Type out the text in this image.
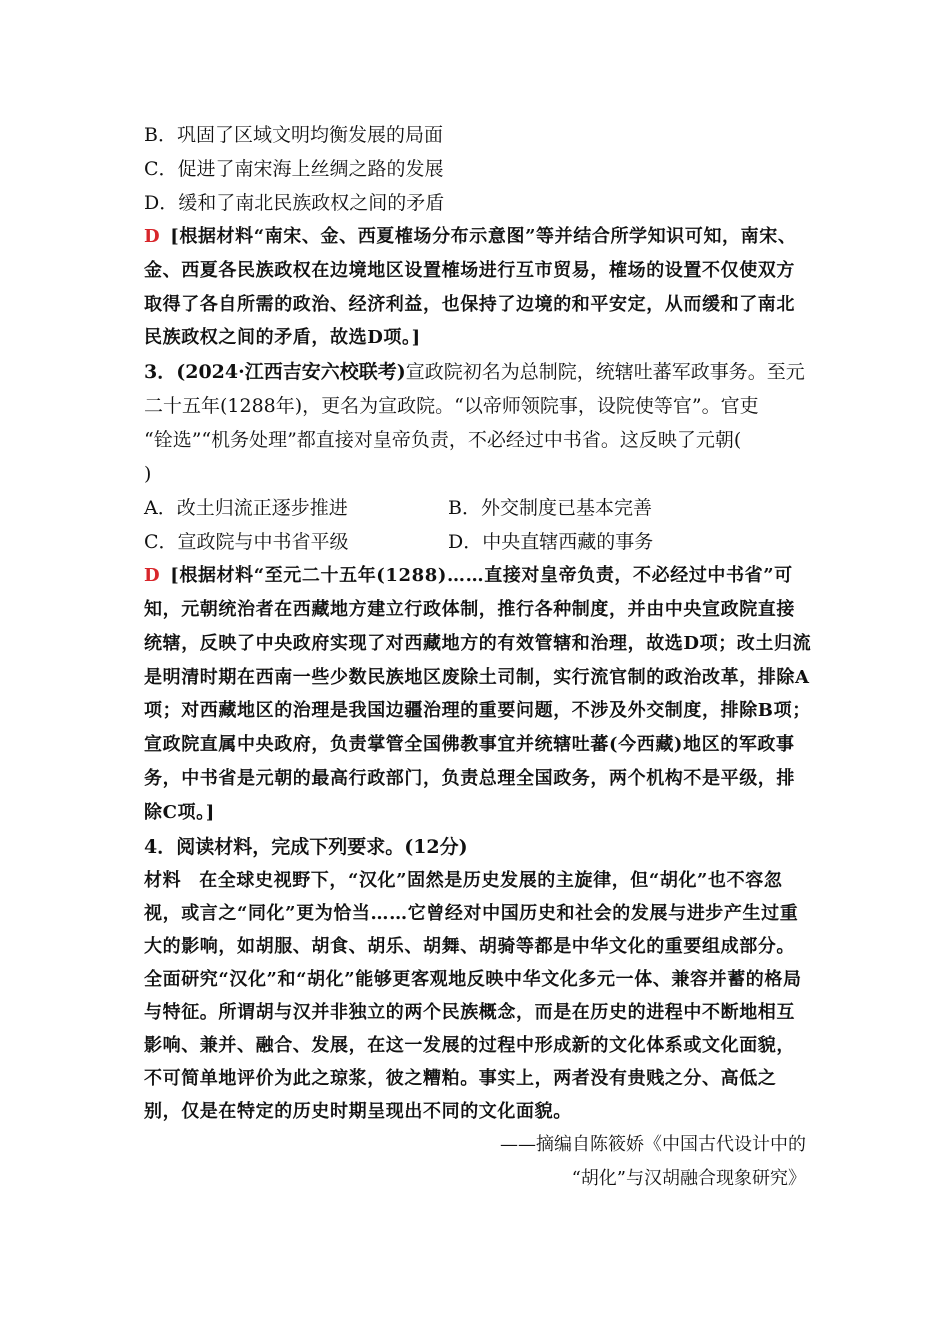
B．巩固了区域文明均衡发展的局面
C．促进了南宋海上丝绸之路的发展
D．缓和了南北民族政权之间的矛盾
D [根据材料“南宋、金、西夏榷场分布示意图”等并结合所学知识可知，南宋、金、西夏各民族政权在边境地区设置榷场进行互市贸易，榷场的设置不仅使双方取得了各自所需的政治、经济利益，也保持了边境的和平安定，从而缓和了南北民族政权之间的矛盾，故选D项。]
3．(2024·江西吉安六校联考)宣政院初名为总制院，统辖吐蕃军政事务。至元
二十五年(1288年)，更名为宣政院。“以帝师领院事，设院使等官”。官吏
“铨选”“机务处理”都直接对皇帝负责，不必经过中书省。这反映了元朝(
)
A．改土归流正逐步推进	B．外交制度已基本完善
C．宣政院与中书省平级	D．中央直辖西藏的事务
D [根据材料“至元二十五年(1288)……直接对皇帝负责，不必经过中书省”可知，元朝统治者在西藏地方建立行政体制，推行各种制度，并由中央宣政院直接统辖，反映了中央政府实现了对西藏地方的有效管辖和治理，故选D项；改土归流是明清时期在西南一些少数民族地区废除土司制，实行流官制的政治改革，排除A项；对西藏地区的治理是我国边疆治理的重要问题，不涉及外交制度，排除B项；宣政院直属中央政府，负责掌管全国佛教事宜并统辖吐蕃(今西藏)地区的军政事务，中书省是元朝的最高行政部门，负责总理全国政务，两个机构不是平级，排除C项。]
4．阅读材料，完成下列要求。(12分)
材料 在全球史视野下，“汉化”固然是历史发展的主旋律，但“胡化”也不容忽视，或言之“同化”更为恰当……它曾经对中国历史和社会的发展与进步产生过重大的影响，如胡服、胡食、胡乐、胡舞、胡骑等都是中华文化的重要组成部分。全面研究“汉化”和“胡化”能够更客观地反映中华文化多元一体、兼容并蓄的格局与特征。所谓胡与汉并非独立的两个民族概念，而是在历史的进程中不断地相互影响、兼并、融合、发展，在这一发展的过程中形成新的文化体系或文化面貌，不可简单地评价为此之琼浆，彼之糟粕。事实上，两者没有贵贱之分、高低之别，仅是在特定的历史时期呈现出不同的文化面貌。
——摘编自陈筱娇《中国古代设计中的
“胡化”与汉胡融合现象研究》
